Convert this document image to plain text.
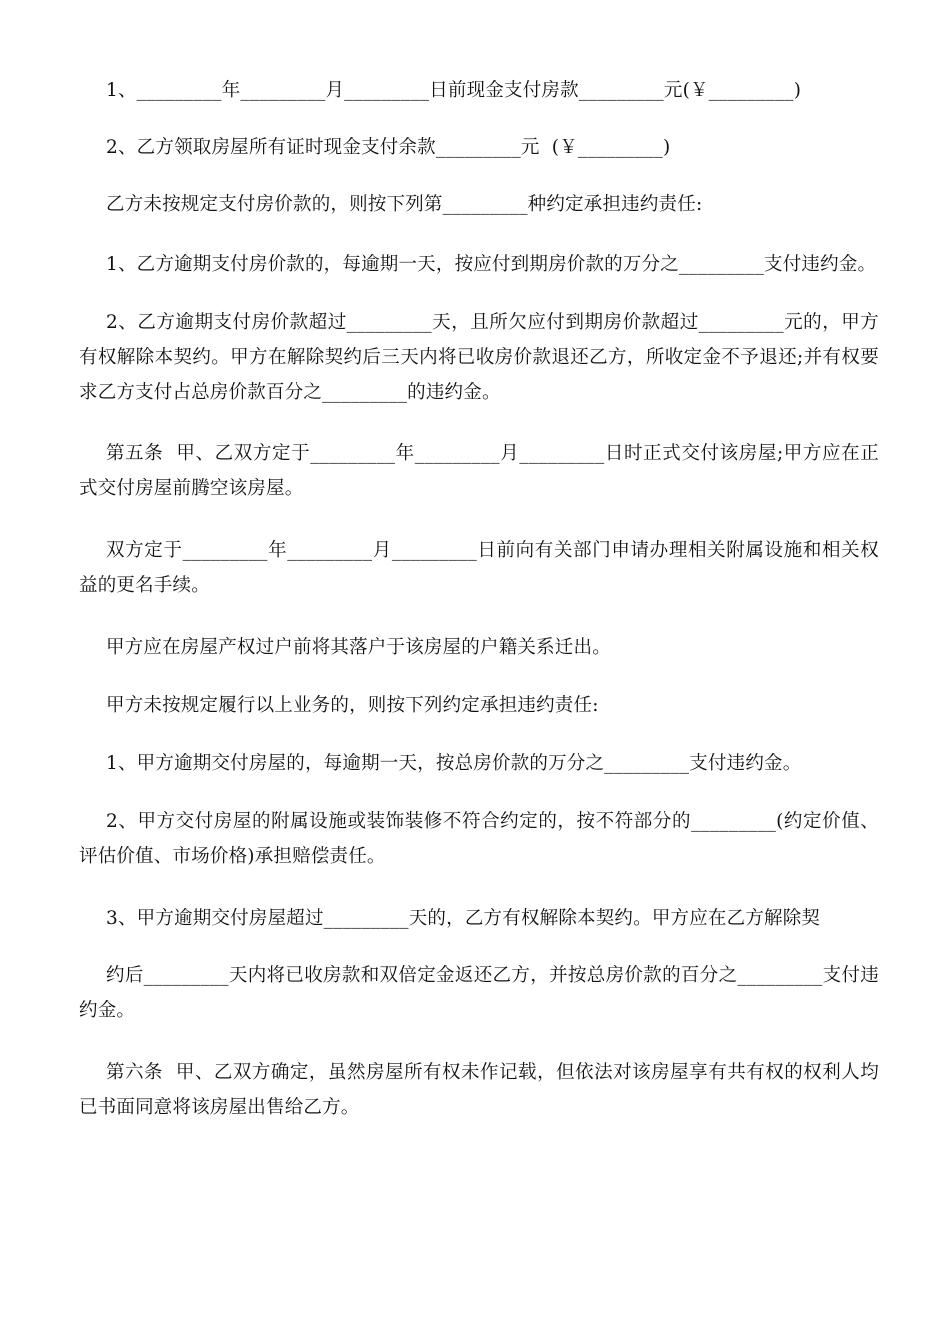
1、_________年_________月_________日前现金支付房款_________元(￥_________)
2、乙方领取房屋所有证时现金支付余款_________元  (￥_________)
乙方未按规定支付房价款的，则按下列第_________种约定承担违约责任:
1、乙方逾期支付房价款的，每逾期一天，按应付到期房价款的万分之_________支付违约金。
2、乙方逾期支付房价款超过_________天，且所欠应付到期房价款超过_________元的，甲方有权解除本契约。甲方在解除契约后三天内将已收房价款退还乙方，所收定金不予退还;并有权要求乙方支付占总房价款百分之_________的违约金。
第五条  甲、乙双方定于_________年_________月_________日时正式交付该房屋;甲方应在正式交付房屋前腾空该房屋。
双方定于_________年_________月_________日前向有关部门申请办理相关附属设施和相关权益的更名手续。
甲方应在房屋产权过户前将其落户于该房屋的户籍关系迁出。
甲方未按规定履行以上业务的，则按下列约定承担违约责任:
1、甲方逾期交付房屋的，每逾期一天，按总房价款的万分之_________支付违约金。
2、甲方交付房屋的附属设施或装饰装修不符合约定的，按不符部分的_________(约定价值、评估价值、市场价格)承担赔偿责任。
3、甲方逾期交付房屋超过_________天的，乙方有权解除本契约。甲方应在乙方解除契
约后_________天内将已收房款和双倍定金返还乙方，并按总房价款的百分之_________支付违约金。
第六条  甲、乙双方确定，虽然房屋所有权未作记载，但依法对该房屋享有共有权的权利人均已书面同意将该房屋出售给乙方。
